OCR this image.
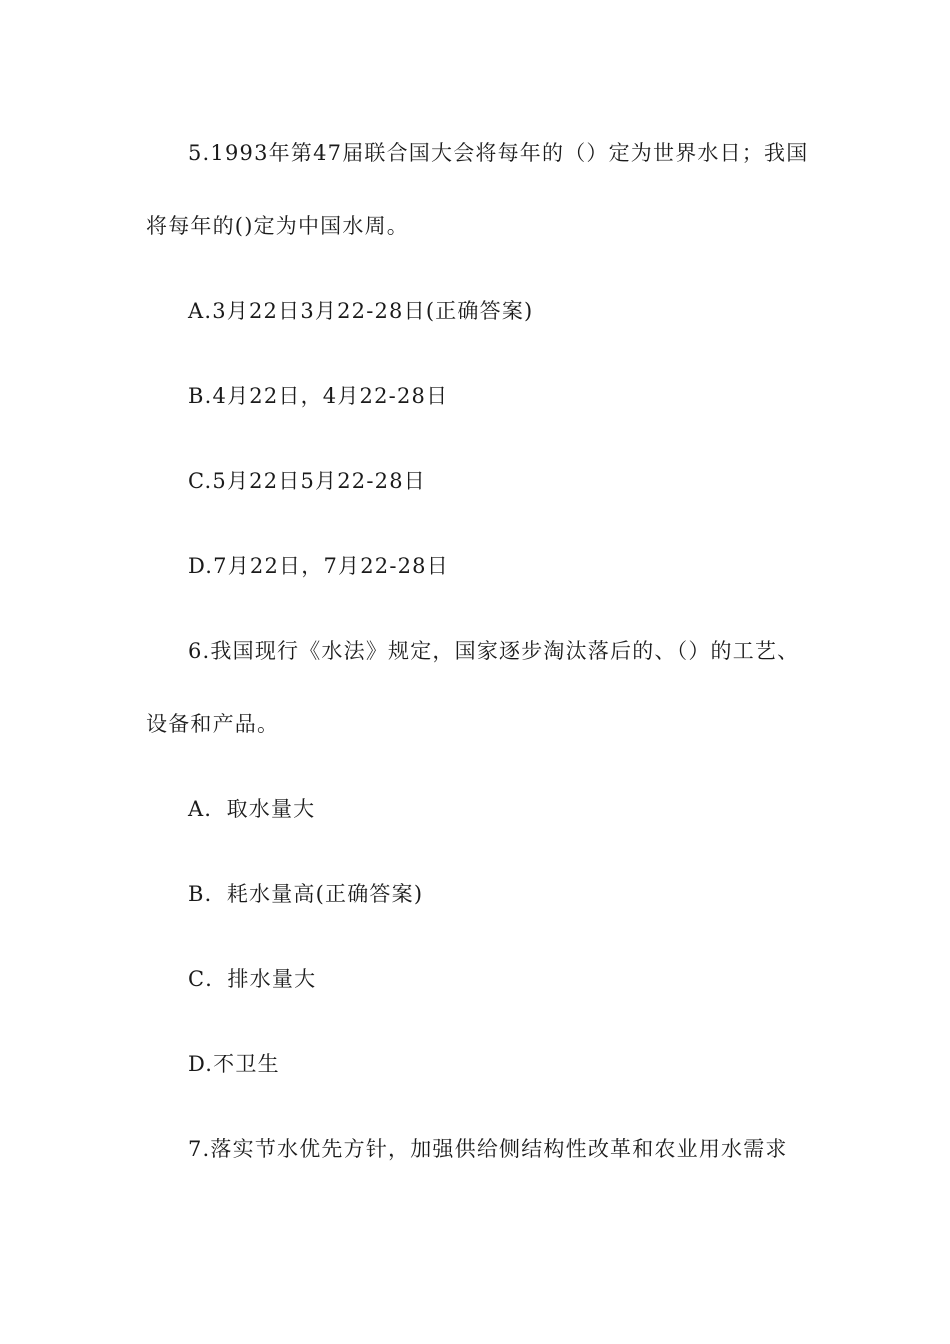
5.1993年第47届联合国大会将每年的（）定为世界水日；我国
将每年的()定为中国水周。
A.3月22日3月22-28日(正确答案)
B.4月22日，4月22-28日
C.5月22日5月22-28日
D.7月22日，7月22-28日
6.我国现行《水法》规定，国家逐步淘汰落后的、（）的工艺、
设备和产品。
A．取水量大
B．耗水量高(正确答案)
C．排水量大
D.不卫生
7.落实节水优先方针，加强供给侧结构性改革和农业用水需求
